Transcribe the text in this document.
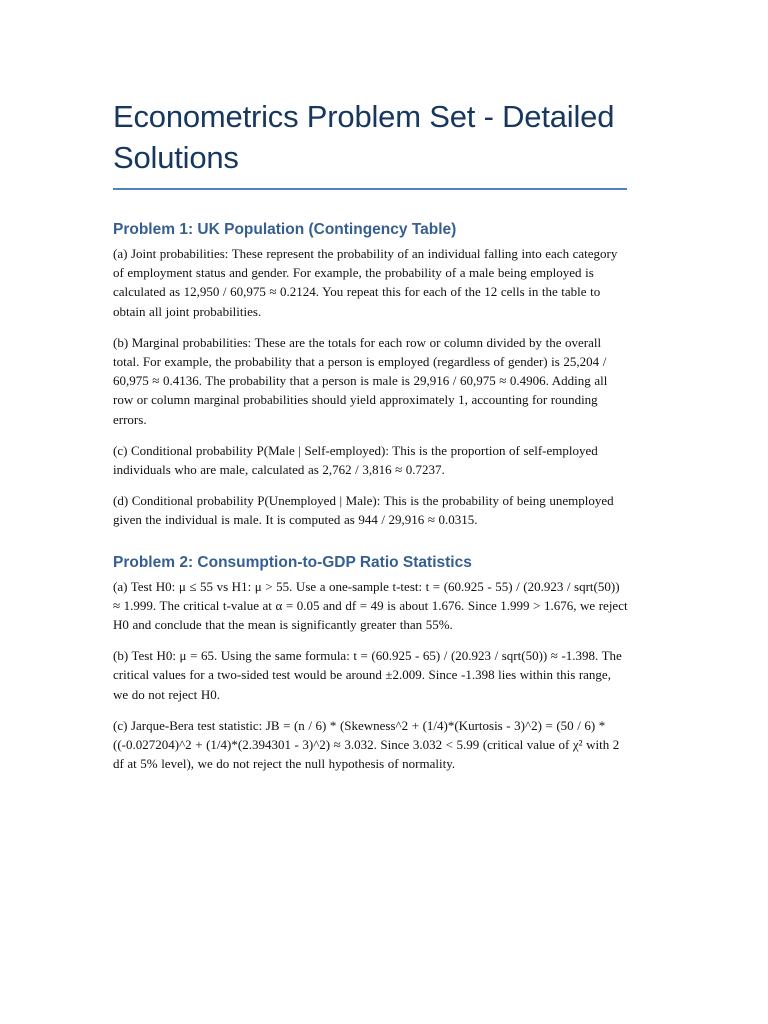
Econometrics Problem Set - Detailed Solutions
Problem 1: UK Population (Contingency Table)

(a) Joint probabilities: These represent the probability of an individual falling into each category of employment status and gender. For example, the probability of a male being employed is calculated as 12,950 / 60,975 ≈ 0.2124. You repeat this for each of the 12 cells in the table to obtain all joint probabilities.

(b) Marginal probabilities: These are the totals for each row or column divided by the overall total. For example, the probability that a person is employed (regardless of gender) is 25,204 / 60,975 ≈ 0.4136. The probability that a person is male is 29,916 / 60,975 ≈ 0.4906. Adding all row or column marginal probabilities should yield approximately 1, accounting for rounding errors.

(c) Conditional probability P(Male | Self-employed): This is the proportion of self-employed individuals who are male, calculated as 2,762 / 3,816 ≈ 0.7237.

(d) Conditional probability P(Unemployed | Male): This is the probability of being unemployed given the individual is male. It is computed as 944 / 29,916 ≈ 0.0315.

Problem 2: Consumption-to-GDP Ratio Statistics

(a) Test H0: μ ≤ 55 vs H1: μ > 55. Use a one-sample t-test: t = (60.925 - 55) / (20.923 / sqrt(50)) ≈ 1.999. The critical t-value at α = 0.05 and df = 49 is about 1.676. Since 1.999 > 1.676, we reject H0 and conclude that the mean is significantly greater than 55%.

(b) Test H0: μ = 65. Using the same formula: t = (60.925 - 65) / (20.923 / sqrt(50)) ≈ -1.398. The critical values for a two-sided test would be around ±2.009. Since -1.398 lies within this range, we do not reject H0.

(c) Jarque-Bera test statistic: JB = (n / 6) * (Skewness^2 + (1/4)*(Kurtosis - 3)^2) = (50 / 6) * ((-0.027204)^2 + (1/4)*(2.394301 - 3)^2) ≈ 3.032. Since 3.032 < 5.99 (critical value of χ² with 2 df at 5% level), we do not reject the null hypothesis of normality.
